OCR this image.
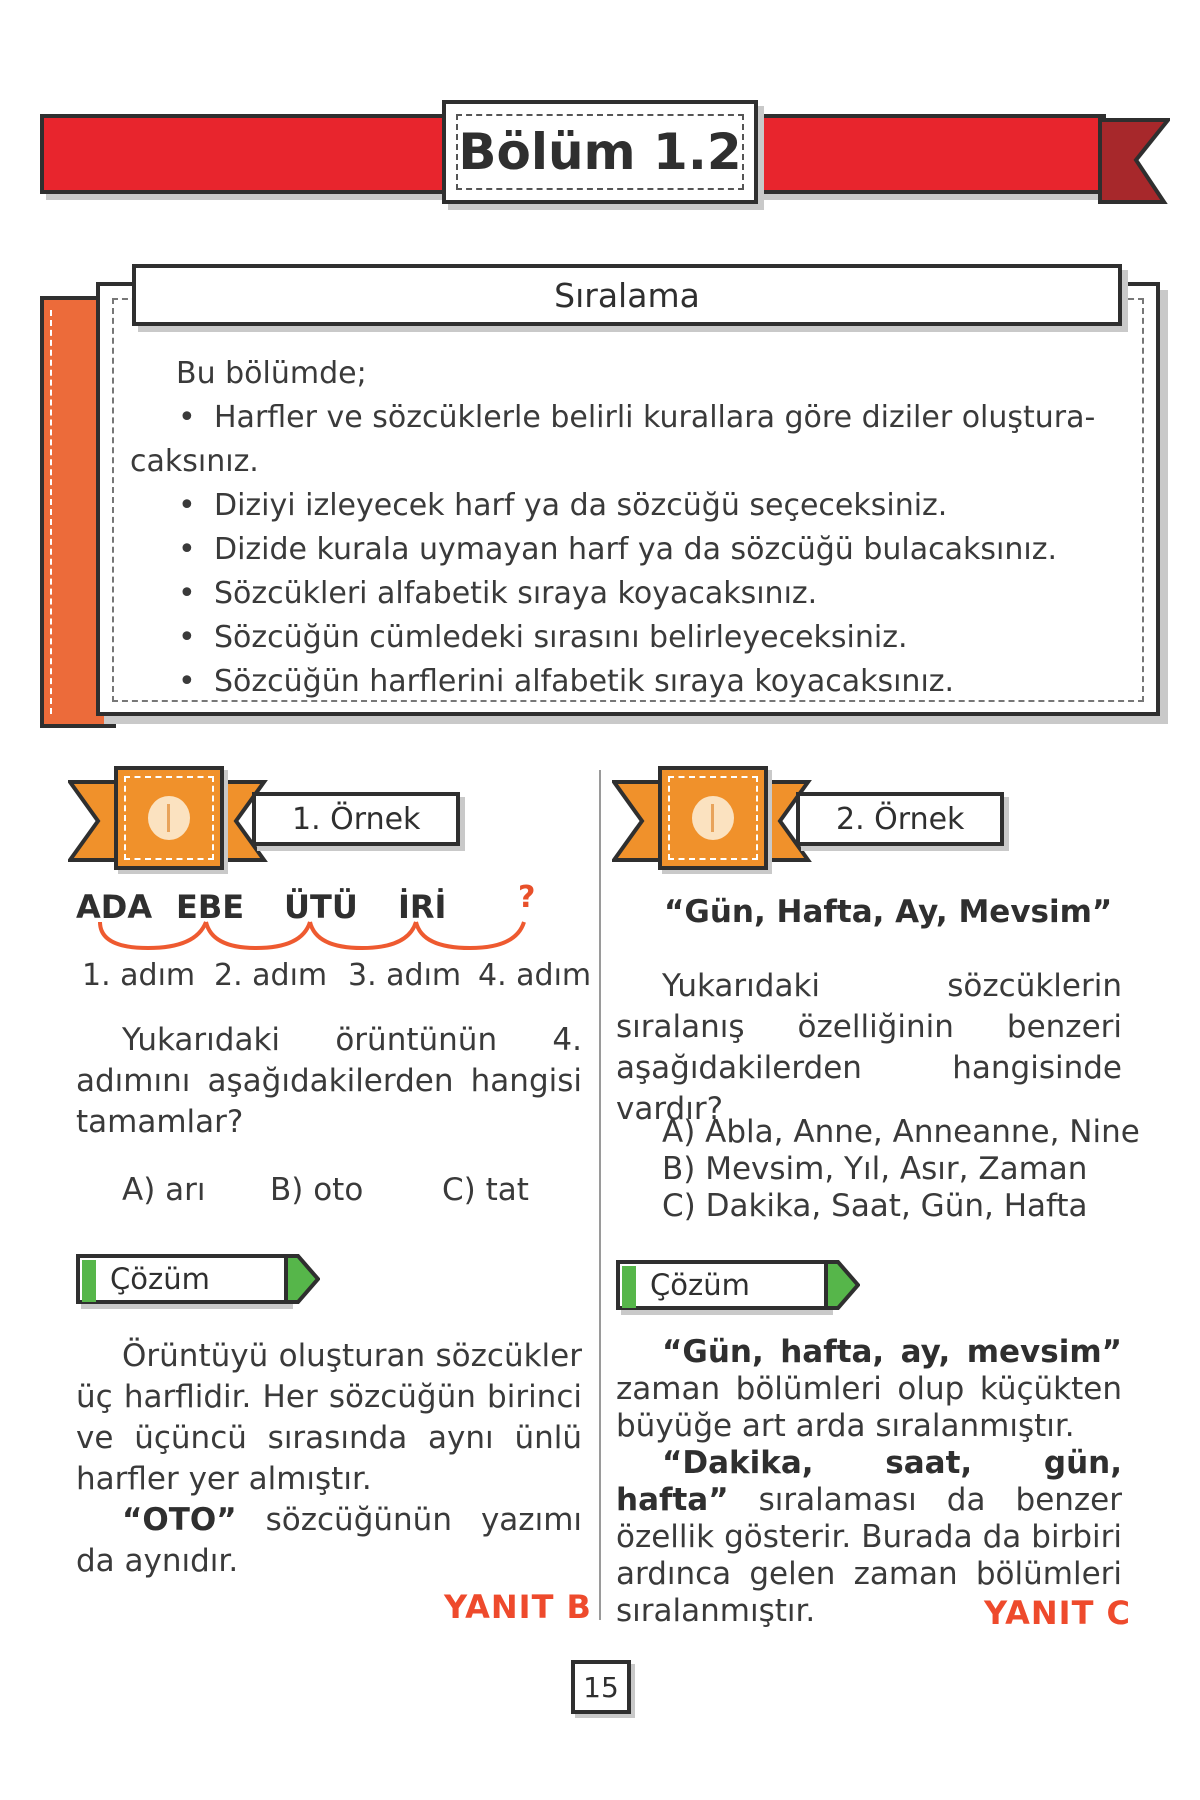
Bölüm 1.2
Sıralama
Bu bölümde;
• Harfler ve sözcüklerle belirli kurallara göre diziler oluştura-
caksınız.
• Diziyi izleyecek harf ya da sözcüğü seçeceksiniz.
• Dizide kurala uymayan harf ya da sözcüğü bulacaksınız.
• Sözcükleri alfabetik sıraya koyacaksınız.
• Sözcüğün cümledeki sırasını belirleyeceksiniz.
• Sözcüğün harflerini alfabetik sıraya koyacaksınız.
1. Örnek
ADA EBE ÜTÜ İRİ ?
1. adım 2. adım 3. adım 4. adım
Yukarıdaki örüntünün 4. adımını aşağıdakilerden hangisi tamamlar?
A) arı B) oto	C) tat
Çözüm
Örüntüyü oluşturan sözcükler üç harflidir. Her sözcüğün birinci ve üçüncü sırasında aynı ünlü harfler yer almıştır.
“OTO” sözcüğünün yazımı da aynıdır.
YANIT B
2. Örnek
“Gün, Hafta, Ay, Mevsim”
Yukarıdaki sözcüklerin sıralanış özelliğinin benzeri aşağıdakilerden hangisinde vardır?
A) Abla, Anne, Anneanne, Nine
B) Mevsim, Yıl, Asır, Zaman
C) Dakika, Saat, Gün, Hafta
Çözüm
“Gün, hafta, ay, mevsim” zaman bölümleri olup küçükten büyüğe art arda sıralanmıştır.
“Dakika, saat, gün, hafta” sıralaması da benzer özellik gösterir. Burada da birbiri ardınca gelen zaman bölümleri sıralanmıştır.	YANIT C
15
